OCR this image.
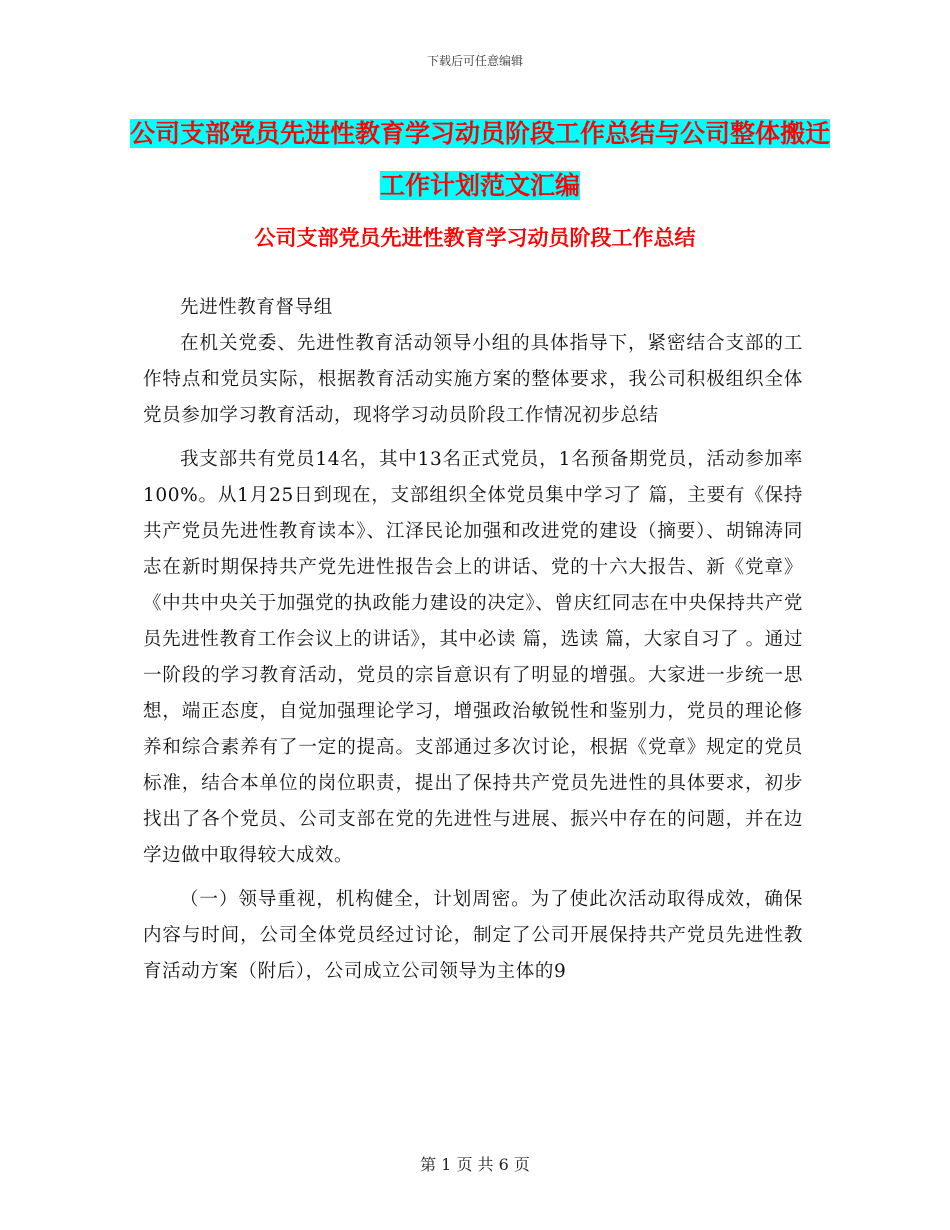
下载后可任意编辑
公司支部党员先进性教育学习动员阶段工作总结与公司整体搬迁工作计划范文汇编
公司支部党员先进性教育学习动员阶段工作总结

先进性教育督导组

在机关党委、先进性教育活动领导小组的具体指导下，紧密结合支部的工作特点和党员实际，根据教育活动实施方案的整体要求，我公司积极组织全体党员参加学习教育活动，现将学习动员阶段工作情况初步总结

我支部共有党员14名，其中13名正式党员，1名预备期党员，活动参加率100%。从1月25日到现在，支部组织全体党员集中学习了 篇，主要有《保持共产党员先进性教育读本》、江泽民论加强和改进党的建设（摘要）、胡锦涛同志在新时期保持共产党先进性报告会上的讲话、党的十六大报告、新《党章》《中共中央关于加强党的执政能力建设的决定》、曾庆红同志在中央保持共产党员先进性教育工作会议上的讲话》，其中必读 篇，选读 篇，大家自习了 。通过一阶段的学习教育活动，党员的宗旨意识有了明显的增强。大家进一步统一思想，端正态度，自觉加强理论学习，增强政治敏锐性和鉴别力，党员的理论修养和综合素养有了一定的提高。支部通过多次讨论，根据《党章》规定的党员标准，结合本单位的岗位职责，提出了保持共产党员先进性的具体要求，初步找出了各个党员、公司支部在党的先进性与进展、振兴中存在的问题，并在边学边做中取得较大成效。

（一）领导重视，机构健全，计划周密。为了使此次活动取得成效，确保内容与时间，公司全体党员经过讨论，制定了公司开展保持共产党员先进性教育活动方案（附后），公司成立公司领导为主体的9

第 1 页 共 6 页
